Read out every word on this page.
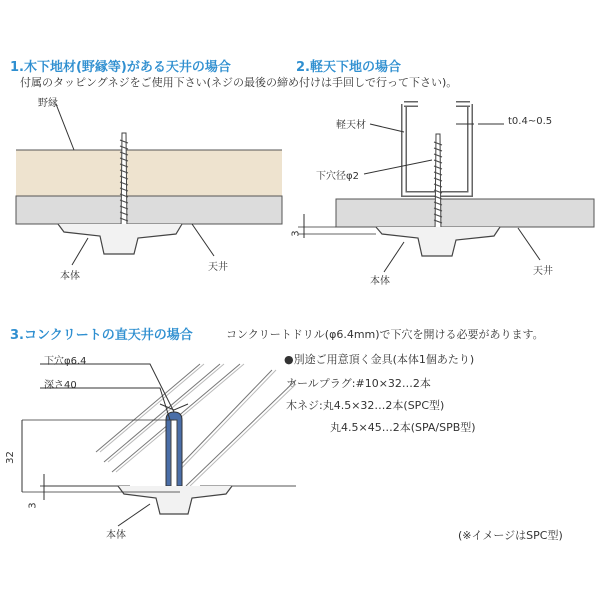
1.木下地材(野縁等)がある天井の場合	2.軽天下地の場合
付属のタッピングネジをご使用下さい(ネジの最後の締め付けは手回しで行って下さい)。
野縁
本体
天井
軽天材	t0.4~0.5
下穴径φ2
3
本体
天井
3.コンクリートの直天井の場合	コンクリートドリル(φ6.4mm)で下穴を開ける必要があります。
●別途ご用意頂く金具(本体1個あたり)
カールプラグ:#10×32…2本
木ネジ:丸4.5×32…2本(SPC型)
丸4.5×45…2本(SPA/SPB型)
(※イメージはSPC型)
下穴φ6.4
深さ40
32
3
本体
